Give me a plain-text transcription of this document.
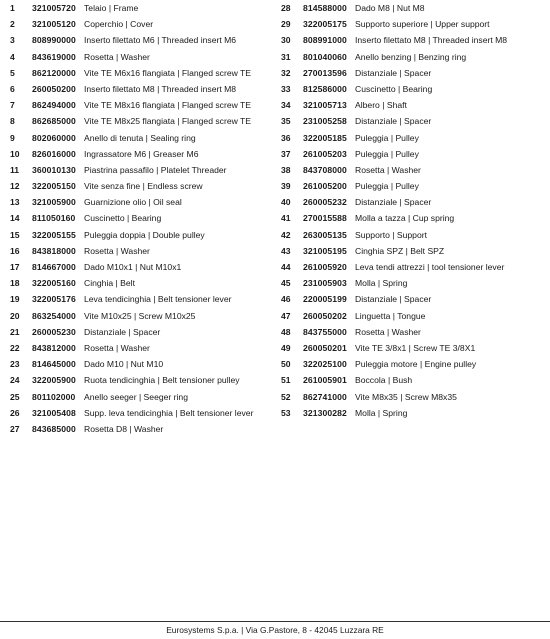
1 321005720 Telaio | Frame
2 321005120 Coperchio | Cover
3 808990000 Inserto filettato M6 | Threaded insert M6
4 843619000 Rosetta | Washer
5 862120000 Vite TE M6x16 flangiata | Flanged screw TE
6 260050200 Inserto filettato M8 | Threaded insert M8
7 862494000 Vite TE M8x16 flangiata | Flanged screw TE
8 862685000 Vite TE M8x25 flangiata | Flanged screw TE
9 802060000 Anello di tenuta | Sealing ring
10 826016000 Ingrassatore M6 | Greaser M6
11 360010130 Piastrina passafilo | Platelet Threader
12 322005150 Vite senza fine | Endless screw
13 321005900 Guarnizione olio | Oil seal
14 811050160 Cuscinetto | Bearing
15 322005155 Puleggia doppia | Double pulley
16 843818000 Rosetta | Washer
17 814667000 Dado M10x1 | Nut M10x1
18 322005160 Cinghia | Belt
19 322005176 Leva tendicinghia | Belt tensioner lever
20 863254000 Vite M10x25 | Screw M10x25
21 260005230 Distanziale | Spacer
22 843812000 Rosetta | Washer
23 814645000 Dado M10 | Nut M10
24 322005900 Ruota tendicinghia | Belt tensioner pulley
25 801102000 Anello seeger | Seeger ring
26 321005408 Supp. leva tendicinghia | Belt tensioner lever
27 843685000 Rosetta D8 | Washer
28 814588000 Dado M8 | Nut M8
29 322005175 Supporto superiore | Upper support
30 808991000 Inserto filettato M8 | Threaded insert M8
31 801040060 Anello benzing | Benzing ring
32 270013596 Distanziale | Spacer
33 812586000 Cuscinetto | Bearing
34 321005713 Albero | Shaft
35 231005258 Distanziale | Spacer
36 322005185 Puleggia | Pulley
37 261005203 Puleggia | Pulley
38 843708000 Rosetta | Washer
39 261005200 Puleggia | Pulley
40 260005232 Distanziale | Spacer
41 270015588 Molla a tazza | Cup spring
42 263005135 Supporto | Support
43 321005195 Cinghia SPZ | Belt SPZ
44 261005920 Leva tendi attrezzi | tool tensioner lever
45 231005903 Molla | Spring
46 220005199 Distanziale | Spacer
47 260050202 Linguetta | Tongue
48 843755000 Rosetta | Washer
49 260050201 Vite TE 3/8x1 | Screw TE 3/8X1
50 322025100 Puleggia motore | Engine pulley
51 261005901 Boccola | Bush
52 862741000 Vite M8x35 | Screw M8x35
53 321300282 Molla | Spring
Eurosystems S.p.a. | Via G.Pastore, 8 - 42045 Luzzara RE
